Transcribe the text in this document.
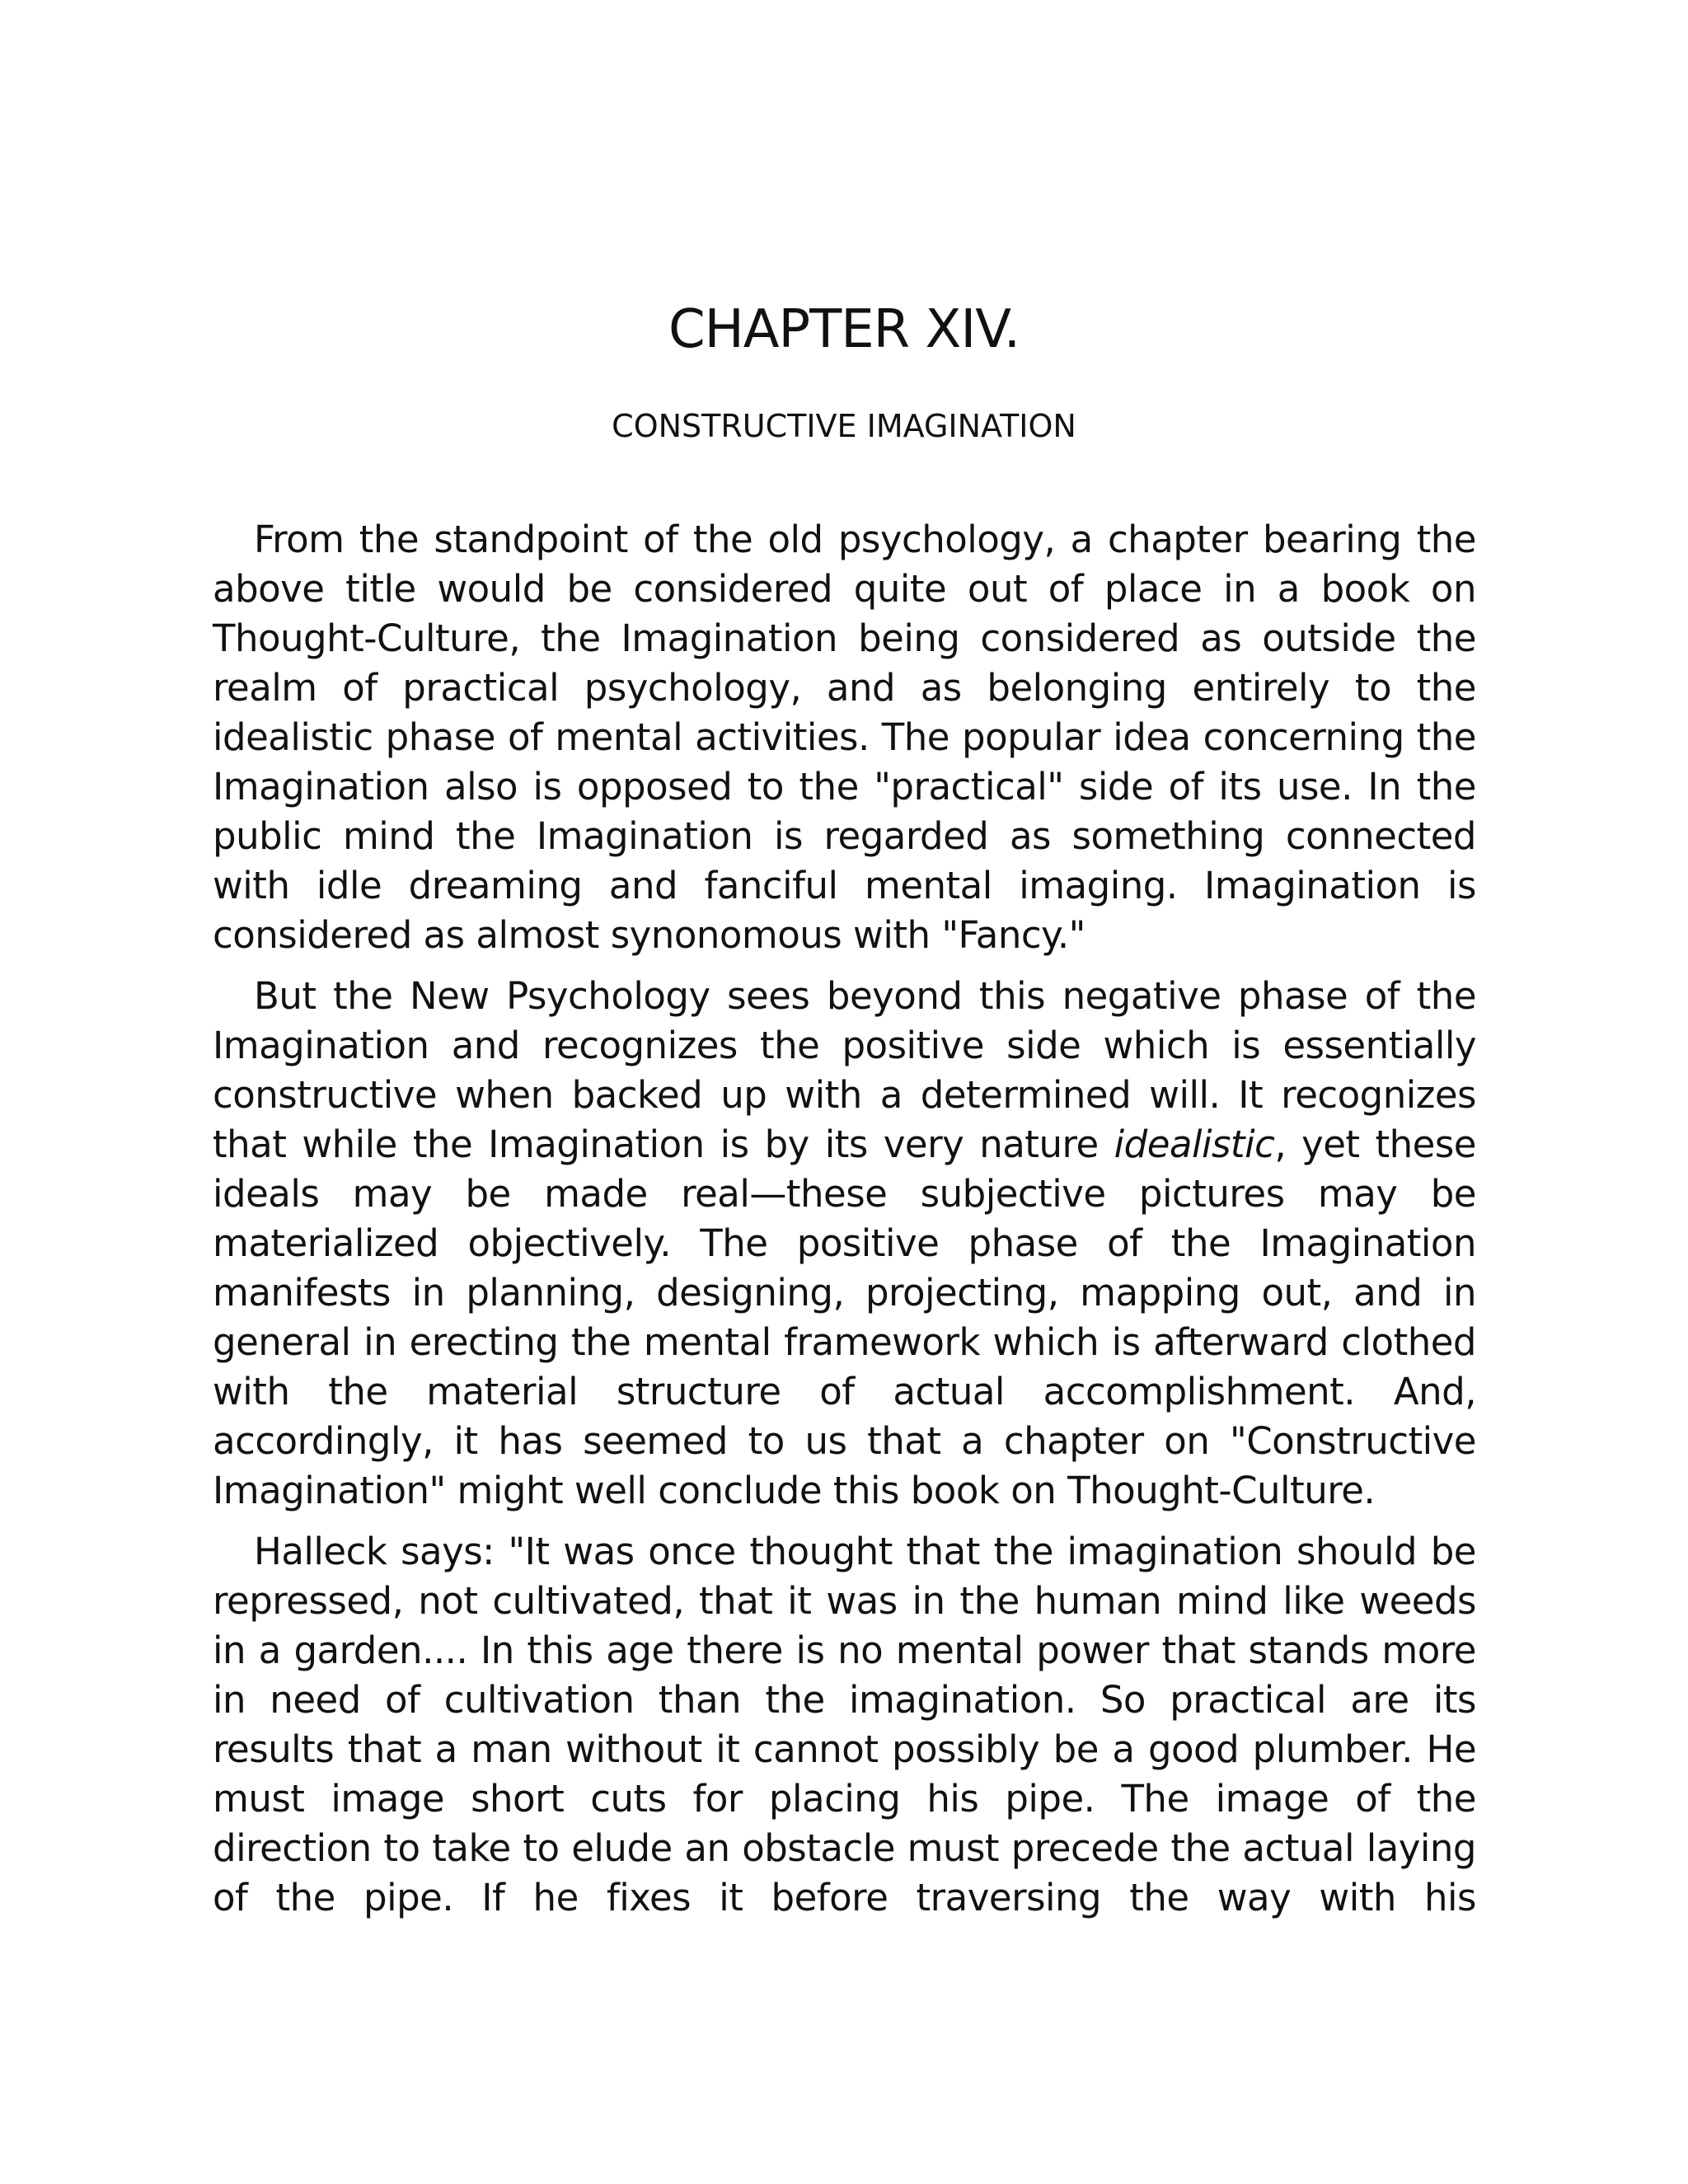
CHAPTER XIV.
CONSTRUCTIVE IMAGINATION

From the standpoint of the old psychology, a chapter bearing the above title would be considered quite out of place in a book on Thought-Culture, the Imagination being considered as outside the realm of practical psychology, and as belonging entirely to the idealistic phase of mental activities. The popular idea concerning the Imagination also is opposed to the "practical" side of its use. In the public mind the Imagination is regarded as something connected with idle dreaming and fanciful mental imaging. Imagination is considered as almost synonomous with "Fancy."

But the New Psychology sees beyond this negative phase of the Imagination and recognizes the positive side which is essentially constructive when backed up with a determined will. It recognizes that while the Imagination is by its very nature idealistic, yet these ideals may be made real—these subjective pictures may be materialized objectively. The positive phase of the Imagination manifests in planning, designing, projecting, mapping out, and in general in erecting the mental framework which is afterward clothed with the material structure of actual accomplishment. And, accordingly, it has seemed to us that a chapter on "Constructive Imagination" might well conclude this book on Thought-Culture.

Halleck says: "It was once thought that the imagination should be repressed, not cultivated, that it was in the human mind like weeds in a garden.... In this age there is no mental power that stands more in need of cultivation than the imagination. So practical are its results that a man without it cannot possibly be a good plumber. He must image short cuts for placing his pipe. The image of the direction to take to elude an obstacle must precede the actual laying of the pipe. If he fixes it before traversing the way with his
